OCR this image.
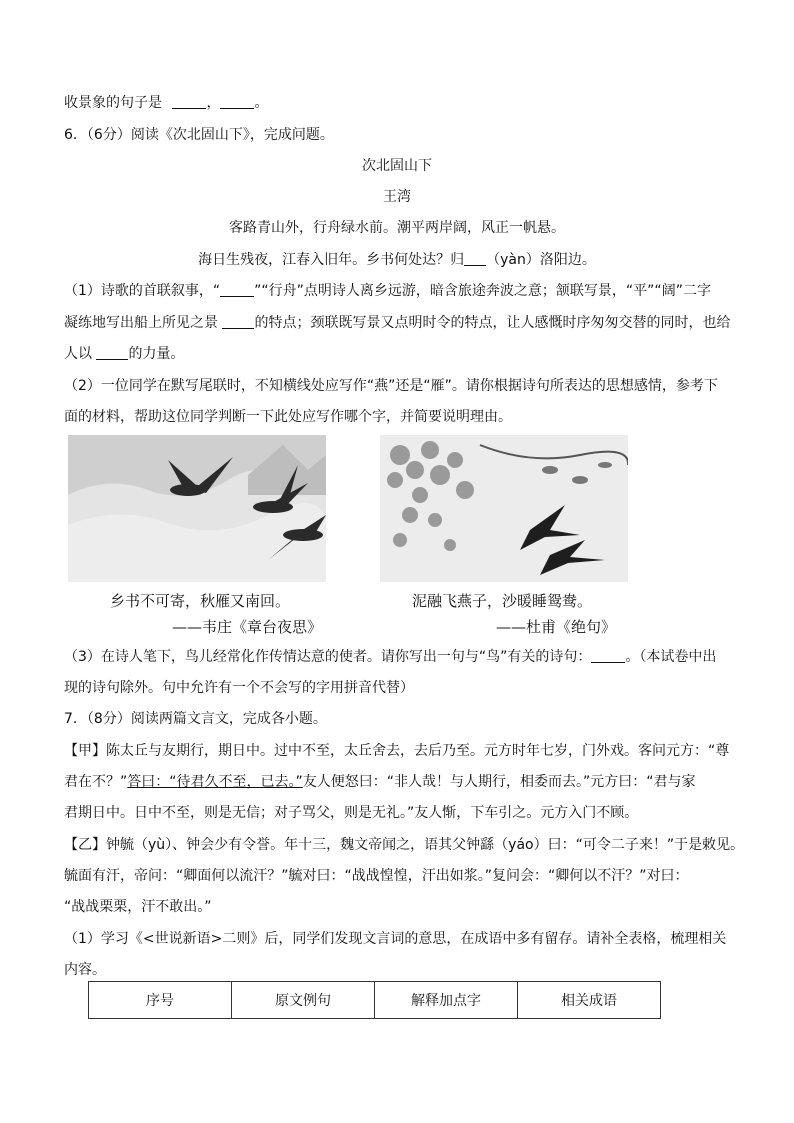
收景象的句子是	， 。
6．（6分）阅读《次北固山下》，完成问题。
次北固山下
王湾
客路青山外，行舟绿水前。潮平两岸阔，风正一帆悬。
海日生残夜，江春入旧年。乡书何处达？归 （yàn）洛阳边。
（1）诗歌的首联叙事，“ ”“行舟”点明诗人离乡远游，暗含旅途奔波之意；颔联写景，“平”“阔”二字
凝练地写出船上所见之景	的特点；颈联既写景又点明时令的特点，让人感慨时序匆匆交替的同时，也给
人以	的力量。
（2）一位同学在默写尾联时，不知横线处应写作“燕”还是“雁”。请你根据诗句所表达的思想感情，参考下
面的材料，帮助这位同学判断一下此处应写作哪个字，并简要说明理由。
乡书不可寄，秋雁又南回。
——韦庄《章台夜思》
泥融飞燕子，沙暖睡鸳鸯。
——杜甫《绝句》
（3）在诗人笔下，鸟儿经常化作传情达意的使者。请你写出一句与“鸟”有关的诗句： 。（本试卷中出
现的诗句除外。句中允许有一个不会写的字用拼音代替）
7．（8分）阅读两篇文言文，完成各小题。
【甲】陈太丘与友期行，期日中。过中不至，太丘舍去，去后乃至。元方时年七岁，门外戏。客问元方：“尊
君在不？”答曰：“待君久不至，已去。”友人便怒曰：“非人哉！与人期行，相委而去。”元方曰：“君与家
君期日中。日中不至，则是无信；对子骂父，则是无礼。”友人惭，下车引之。元方入门不顾。
【乙】钟毓（yù）、钟会少有令誉。年十三，魏文帝闻之，语其父钟繇（yáo）曰：“可令二子来！”于是敕见。
毓面有汗，帝问：“卿面何以流汗？”毓对曰：“战战惶惶，汗出如浆。”复问会：“卿何以不汗？”对曰：
“战战栗栗，汗不敢出。”
（1）学习《<世说新语>二则》后，同学们发现文言词的意思，在成语中多有留存。请补全表格，梳理相关
内容。
序号	原文例句	解释加点字	相关成语
